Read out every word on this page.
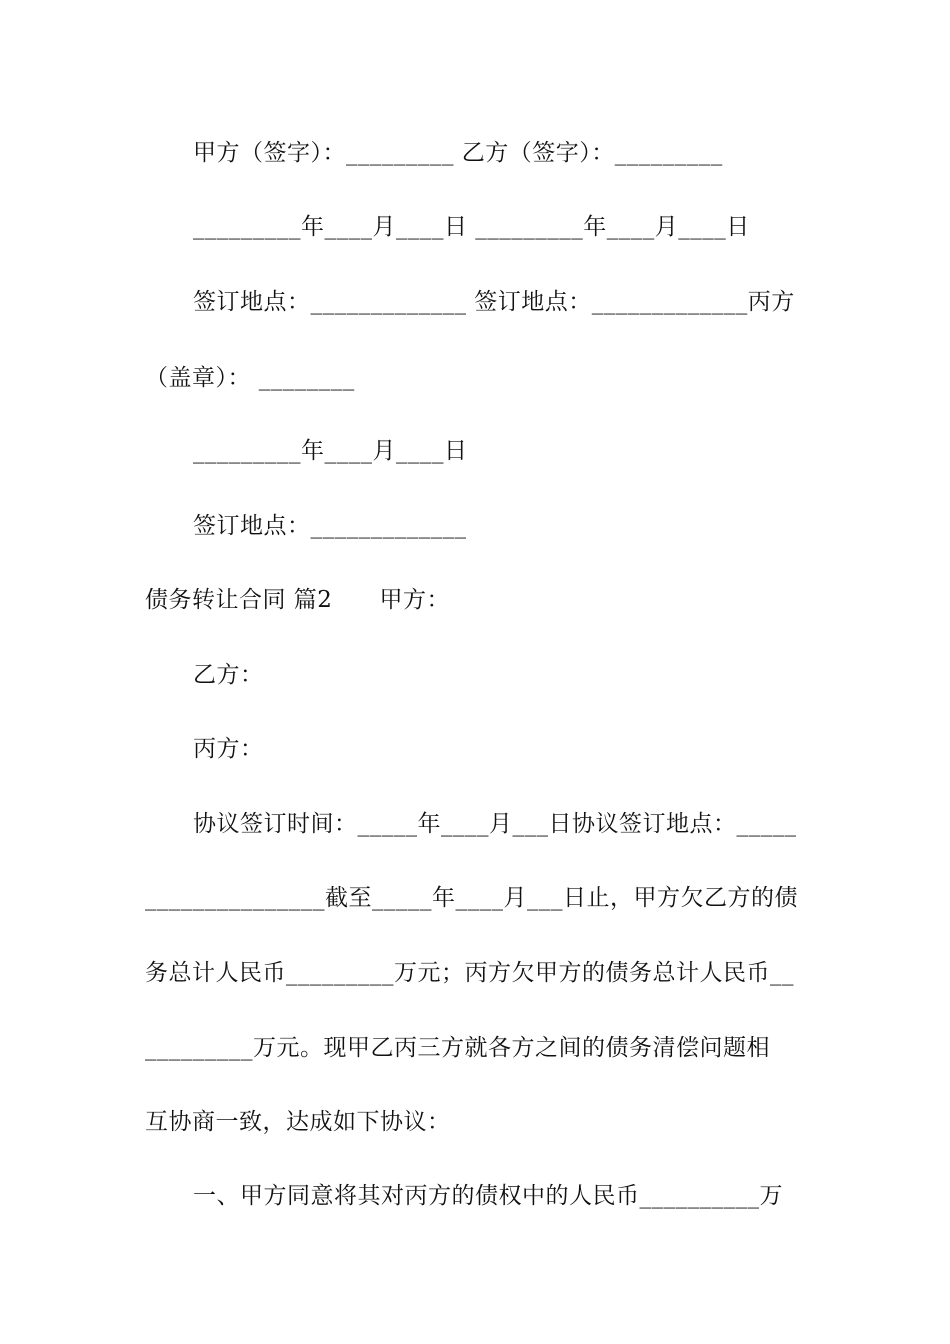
甲方（签字）：_________ 乙方（签字）：_________
_________年____月____日 _________年____月____日
签订地点：_____________ 签订地点：_____________丙方
（盖章）： ________
_________年____月____日
签订地点：_____________
债务转让合同 篇2　　甲方：
乙方：
丙方：
协议签订时间：_____年____月___日协议签订地点：_____
_______________截至_____年____月___日止，甲方欠乙方的债
务总计人民币_________万元；丙方欠甲方的债务总计人民币__
_________万元。现甲乙丙三方就各方之间的债务清偿问题相
互协商一致，达成如下协议：
一、甲方同意将其对丙方的债权中的人民币__________万
